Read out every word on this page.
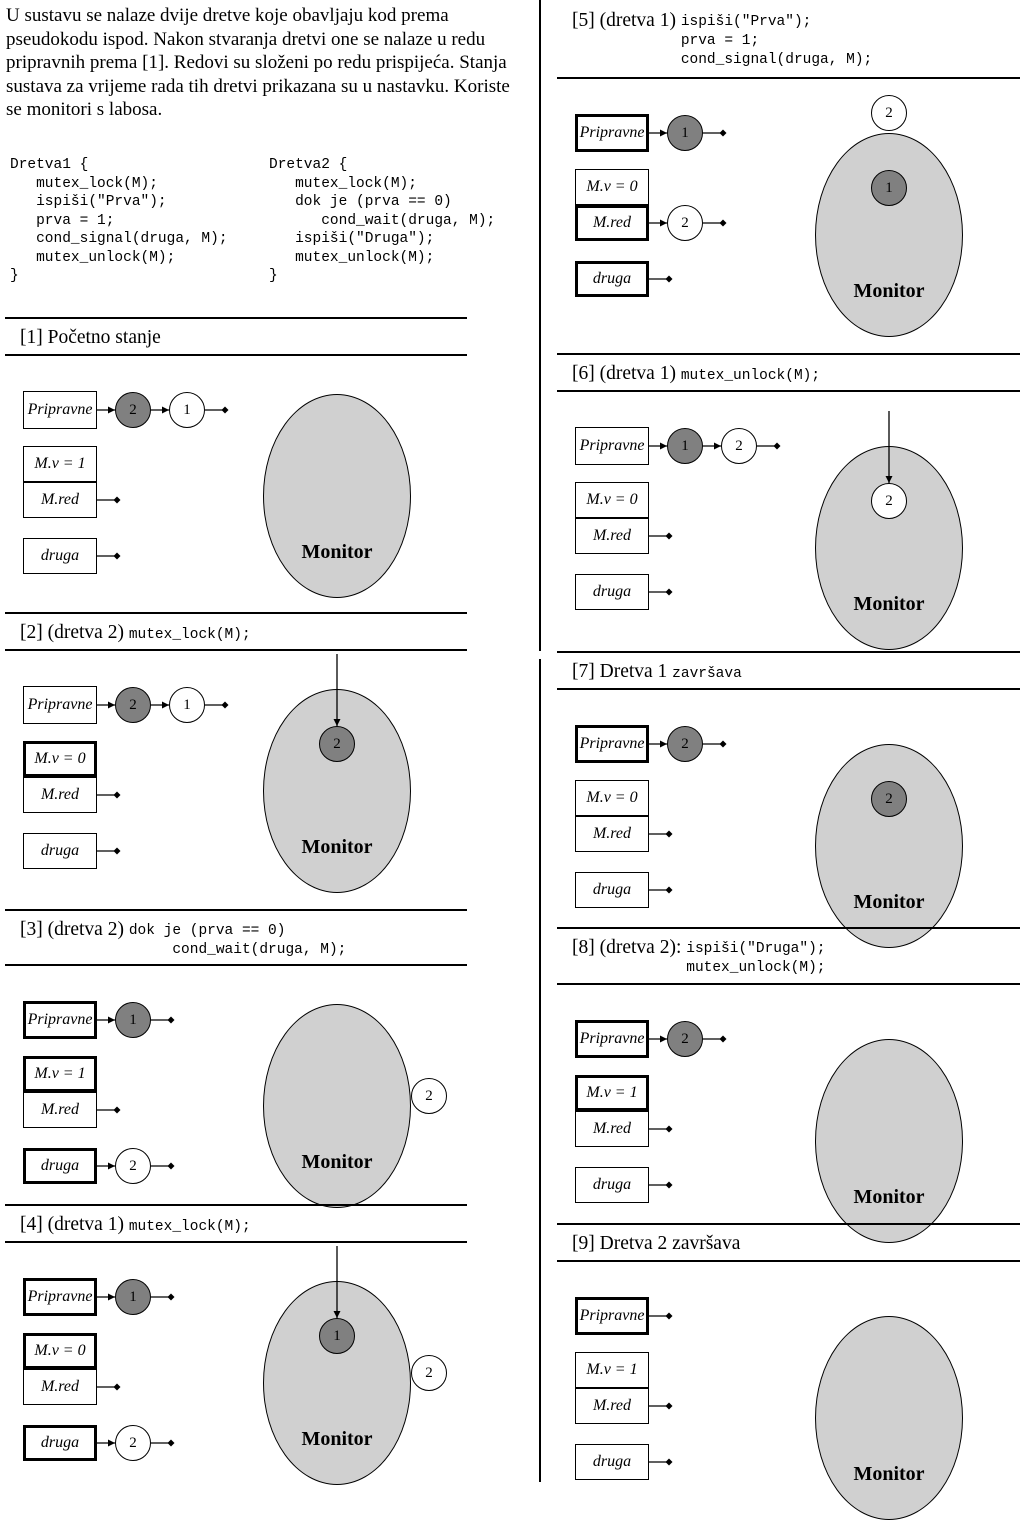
U sustavu se nalaze dvije dretve koje obavljaju kod prema pseudokodu ispod. Nakon stvaranja dretvi one se nalaze u redu pripravnih prema [1]. Redovi su složeni po redu prispijeća. Stanja sustava za vrijeme rada tih dretvi prikazana su u nastavku. Koriste se monitori s labosa.
Dretva1 {
mutex_lock(M);
ispiši("Prva");
prva = 1;
cond_signal(druga, M);
mutex_unlock(M);
}
Dretva2 {
mutex_lock(M);
dok je (prva == 0)
cond_wait(druga, M);
ispiši("Druga");
mutex_unlock(M);
}
[1] Početno stanje
Pripravne
M.v = 1
M.red
druga
2	1
Monitor
[2] (dretva 2) mutex_lock(M);
Pripravne
M.v = 0
M.red
druga
2	1
Monitor
2
[3] (dretva 2) dok je (prva == 0)
cond_wait(druga, M);
Pripravne
M.v = 1
M.red
druga
1
2	Monitor
2
[4] (dretva 1) mutex_lock(M);
Pripravne
M.v = 0
M.red
druga
1
2	Monitor
1
2
[5] (dretva 1) ispiši("Prva");
prva = 1;
cond_signal(druga, M);
Pripravne
M.v = 0
M.red
druga
1
2
Monitor
1
2
[6] (dretva 1) mutex_unlock(M);
Pripravne
M.v = 0
M.red
druga
1	2
Monitor
2
[7] Dretva 1 završava
Pripravne
M.v = 0
M.red
druga
2
Monitor
2
[8] (dretva 2): ispiši("Druga");
mutex_unlock(M);
Pripravne
M.v = 1
M.red
druga
2
Monitor
[9] Dretva 2 završava
Pripravne
M.v = 1
M.red
druga
Monitor
